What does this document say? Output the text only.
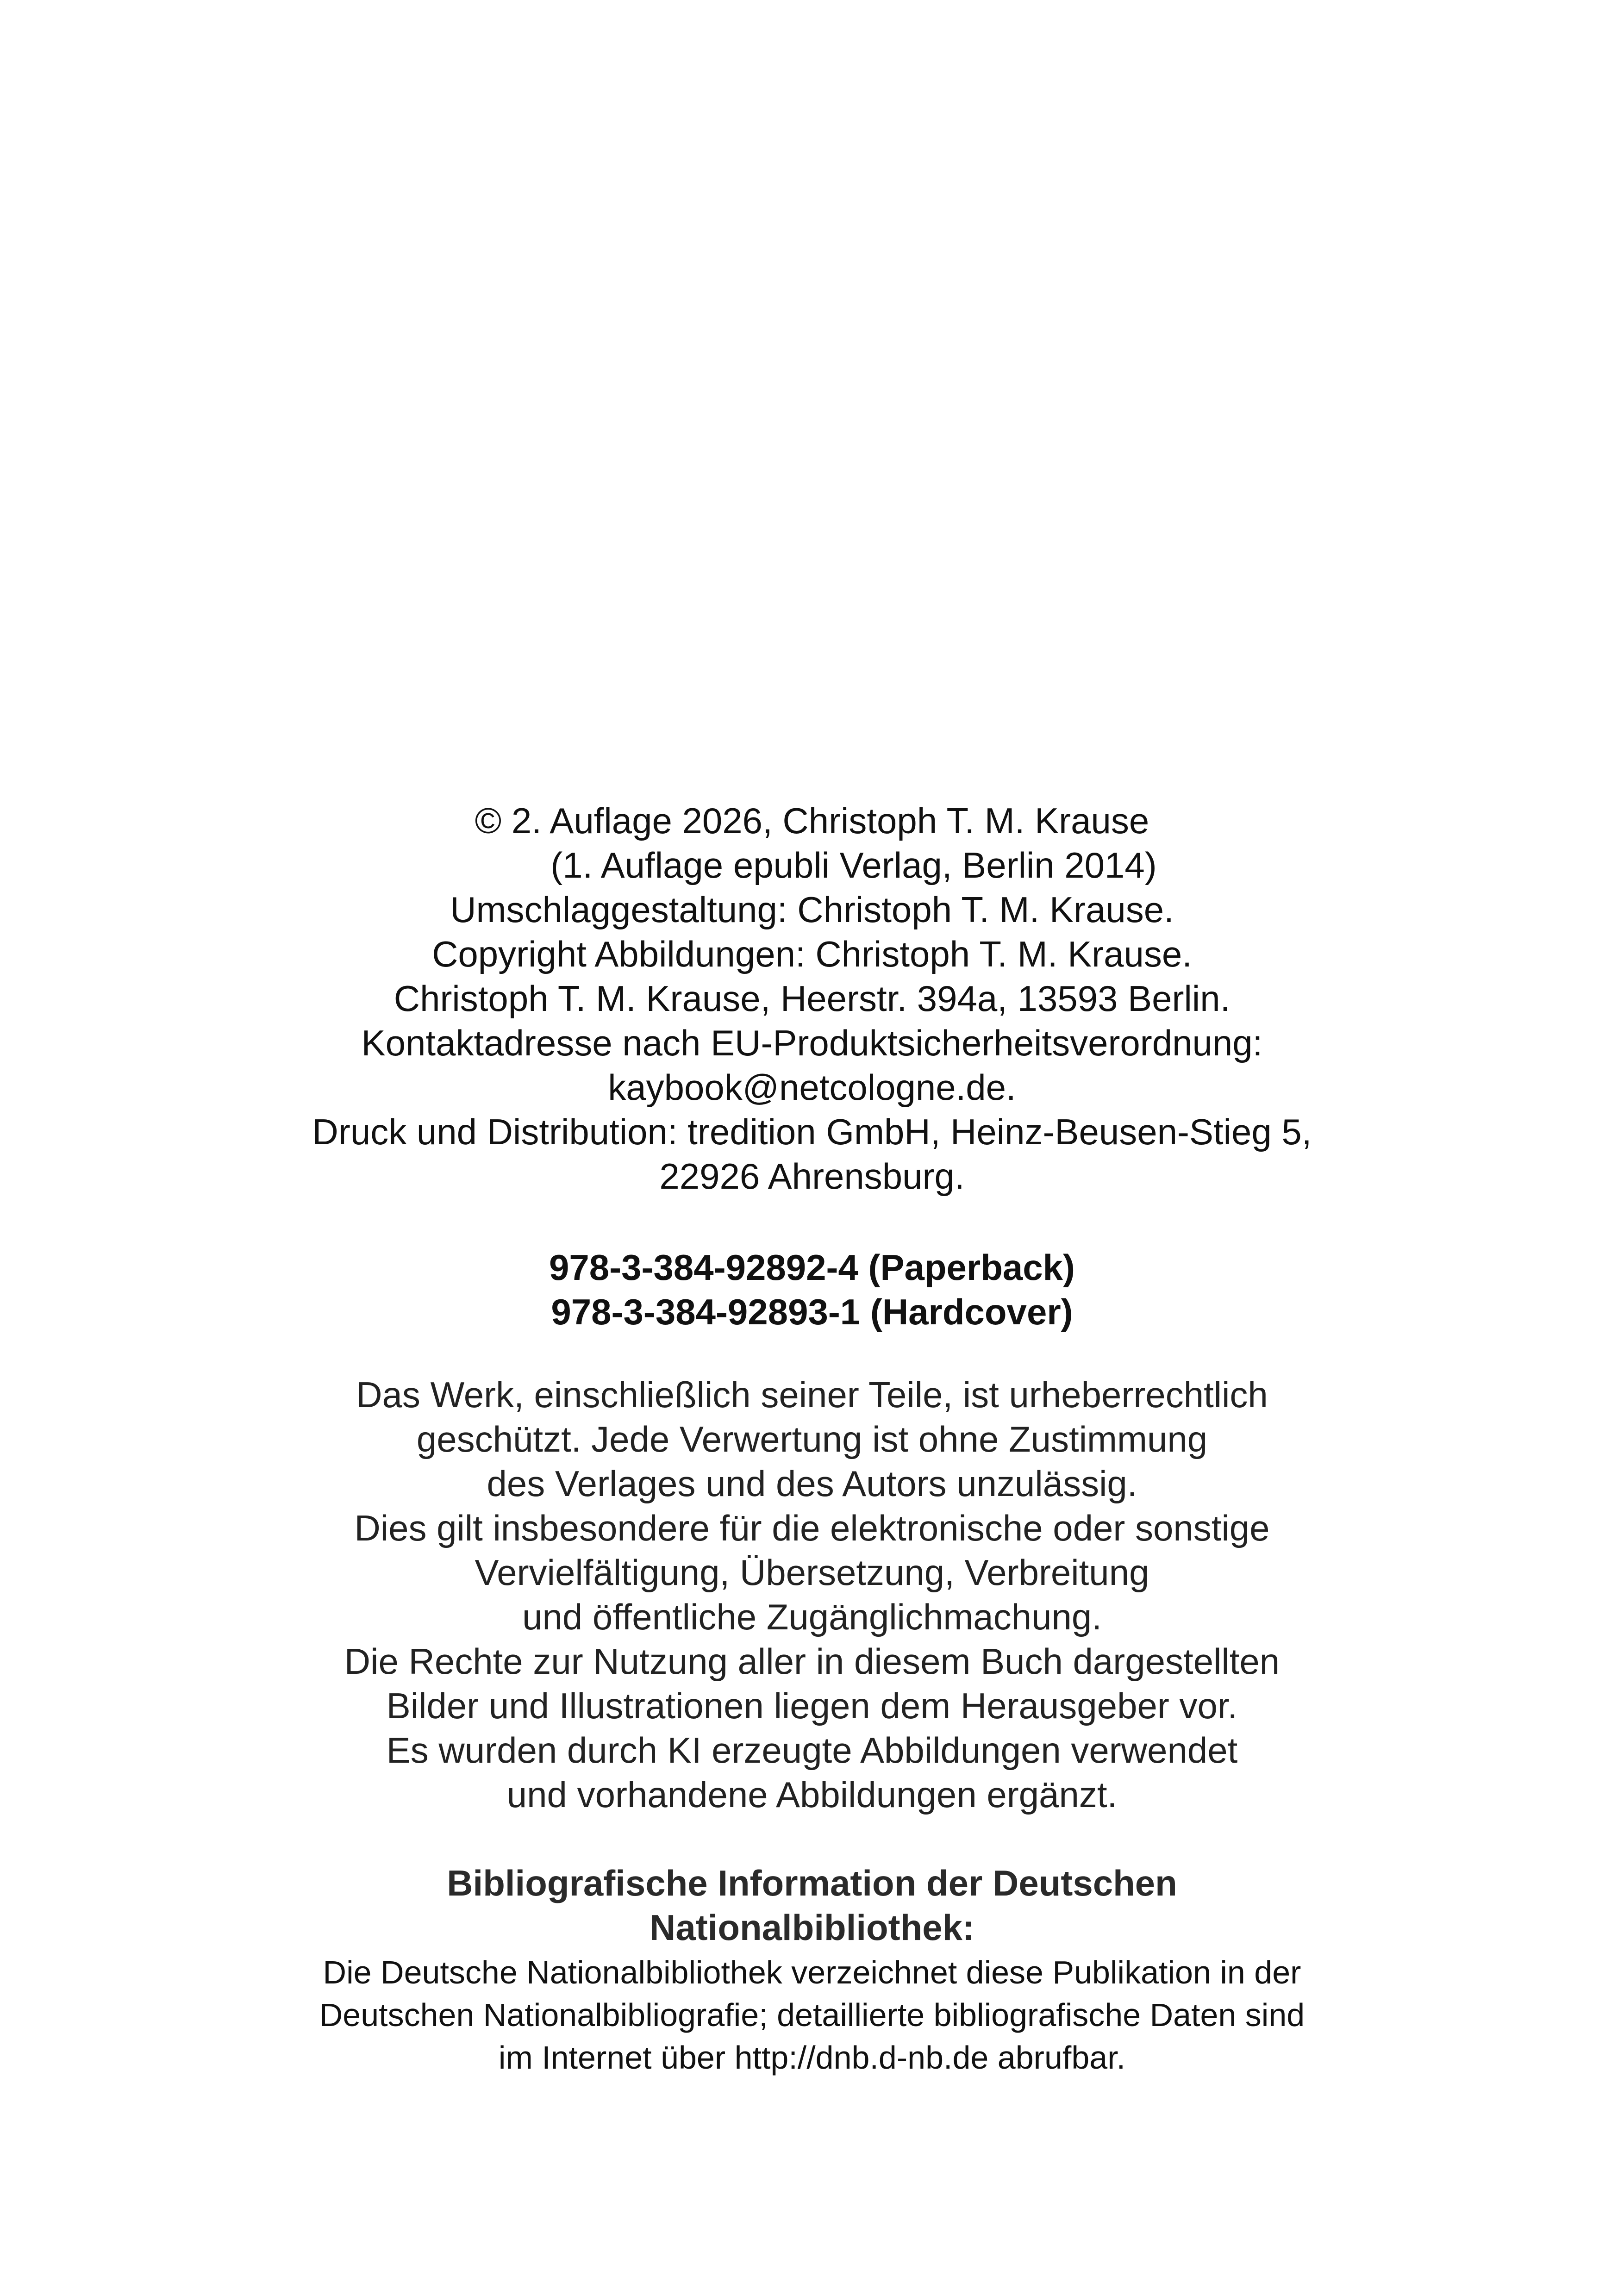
© 2. Auflage 2026, Christoph T. M. Krause
(1. Auflage epubli Verlag, Berlin 2014)
Umschlaggestaltung: Christoph T. M. Krause.
Copyright Abbildungen: Christoph T. M. Krause.
Christoph T. M. Krause, Heerstr. 394a, 13593 Berlin.
Kontaktadresse nach EU-Produktsicherheitsverordnung:
kaybook@netcologne.de.
Druck und Distribution: tredition GmbH, Heinz-Beusen-Stieg 5,
22926 Ahrensburg.
978-3-384-92892-4 (Paperback)
978-3-384-92893-1 (Hardcover)
Das Werk, einschließlich seiner Teile, ist urheberrechtlich
geschützt. Jede Verwertung ist ohne Zustimmung
des Verlages und des Autors unzulässig.
Dies gilt insbesondere für die elektronische oder sonstige
Vervielfältigung, Übersetzung, Verbreitung
und öffentliche Zugänglichmachung.
Die Rechte zur Nutzung aller in diesem Buch dargestellten
Bilder und Illustrationen liegen dem Herausgeber vor.
Es wurden durch KI erzeugte Abbildungen verwendet
und vorhandene Abbildungen ergänzt.
Bibliografische Information der Deutschen
Nationalbibliothek:
Die Deutsche Nationalbibliothek verzeichnet diese Publikation in der
Deutschen Nationalbibliografie; detaillierte bibliografische Daten sind
im Internet über http://dnb.d-nb.de abrufbar.
